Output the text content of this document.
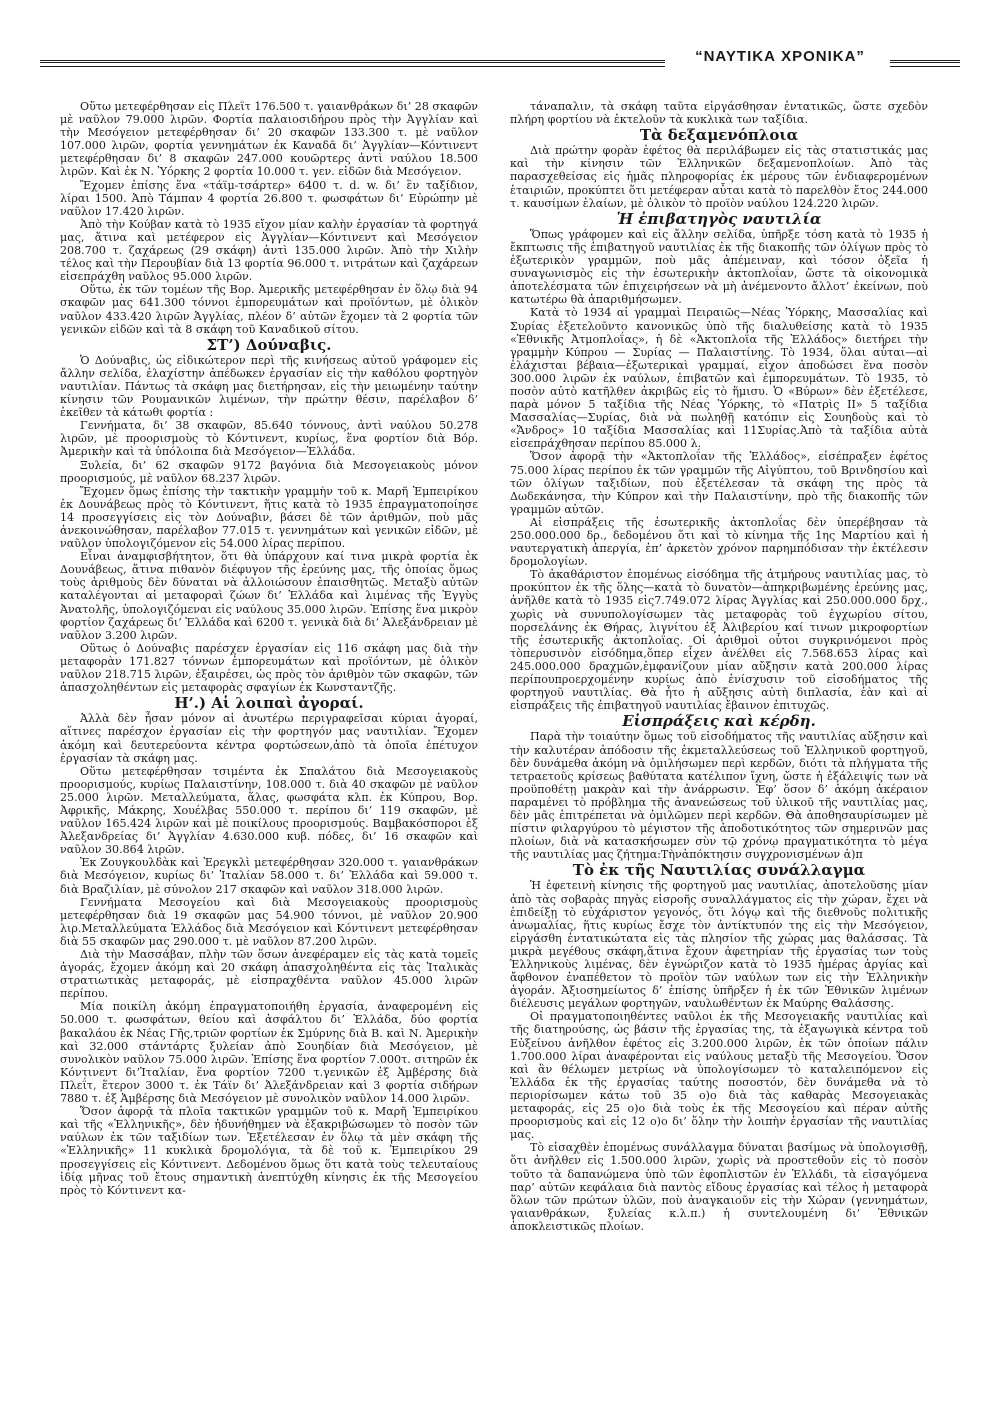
“ΝΑΥΤΙΚΑ ΧΡΟΝΙΚΑ”

Οὕτω μετεφέρθησαν εἰς Πλεΐτ 176.500 τ. γαιανθράκων δι’ 28 σκαφῶν μὲ ναῦλον 79.000 λιρῶν. Φορτία παλαιοσιδήρου πρὸς τὴν Ἀγγλίαν καὶ τὴν Μεσόγειον μετεφέρθησαν δι’ 20 σκαφῶν 133.300 τ. μὲ ναῦλον 107.000 λιρῶν, φορτία γεννημάτων ἐκ Καναδᾶ δι’ Ἀγγλίαν—Κόντινεντ μετεφέρθησαν δι’ 8 σκαφῶν 247.000 κουῶρτερς ἀντὶ ναύλου 18.500 λιρῶν. Καὶ ἐκ Ν. Ὑόρκης 2 φορτία 10.000 τ. γεν. εἰδῶν διὰ Μεσόγειον.

Ἔχομεν ἐπίσης ἕνα «τάϊμ-τσάρτερ» 6400 τ. d. w. δι’ ἓν ταξίδιον, λίραι 1500. Ἀπὸ Τάμπαν 4 φορτία 26.800 τ. φωσφάτων δι’ Εὐρώπην μὲ ναῦλον 17.420 λιρῶν.

Ἀπὸ τὴν Κούβαν κατὰ τὸ 1935 εἴχον μίαν καλὴν ἐργασίαν τὰ φορτηγά μας, ἅτινα καὶ μετέφερον εἰς Ἀγγλίαν—Κόντινεντ καὶ Μεσόγειον 208.700 τ. ζαχάρεως (29 σκάφη) ἀντὶ 135.000 λιρῶν. Ἀπὸ τὴν Χιλὴν τέλος καὶ τὴν Περουβίαν διὰ 13 φορτία 96.000 τ. νιτράτων καὶ ζαχάρεων εἰσεπράχθη ναῦλος 95.000 λιρῶν.

Οὕτω, ἐκ τῶν τομέων τῆς Βορ. Ἀμερικῆς μετεφέρθησαν ἐν ὅλῳ διὰ 94 σκαφῶν μας 641.300 τόννοι ἐμπορευμάτων καὶ προϊόντων, μὲ ὁλικὸν ναῦλον 433.420 λιρῶν Ἀγγλίας, πλέον δ’ αὐτῶν ἔχομεν τὰ 2 φορτία τῶν γενικῶν εἰδῶν καὶ τὰ 8 σκάφη τοῦ Καναδικοῦ σίτου.

ΣΤ’) Δούναβις.

Ὁ Δούναβις, ὡς εἰδικώτερον περὶ τῆς κινήσεως αὐτοῦ γράφομεν εἰς ἄλλην σελίδα, ἐλαχίστην ἀπέδωκεν ἐργασίαν εἰς τὴν καθόλου φορτηγὸν ναυτιλίαν. Πάντως τὰ σκάφη μας διετήρησαν, εἰς τὴν μειωμένην ταύτην κίνησιν τῶν Ρουμανικῶν λιμένων, τὴν πρώτην θέσιν, παρέλαβον δ’ ἐκεῖθεν τὰ κάτωθι φορτία :

Γεννήματα, δι’ 38 σκαφῶν, 85.640 τόννους, ἀντὶ ναύλου 50.278 λιρῶν, μὲ προορισμοὺς τὸ Κόντινεντ, κυρίως, ἕνα φορτίον διὰ Βόρ. Ἀμερικὴν καὶ τὰ ὑπόλοιπα διὰ Μεσόγειον—Ἑλλάδα.

Ξυλεία, δι’ 62 σκαφῶν 9172 βαγόνια διὰ Μεσογειακοὺς μόνον προορισμούς, μὲ ναῦλον 68.237 λιρῶν.

Ἔχομεν ὅμως ἐπίσης τὴν τακτικὴν γραμμὴν τοῦ κ. Μαρῆ Ἐμπειρίκου ἐκ Δουνάβεως πρὸς τὸ Κόντινεντ, ἥτις κατὰ τὸ 1935 ἐπραγματοποίησε 14 προσεγγίσεις εἰς τὸν Δούναβιν, βάσει δὲ τῶν ἀριθμῶν, ποὺ μᾶς ἀνεκοινώθησαν, παρέλαβον 77.015 τ. γεννημάτων καὶ γενικῶν εἰδῶν, μὲ ναῦλον ὑπολογιζόμενον εἰς 54.000 λίρας περίπου.

Εἶναι ἀναμφισβήτητον, ὅτι θὰ ὑπάρχουν καί τινα μικρὰ φορτία ἐκ Δουνάβεως, ἅτινα πιθανὸν διέφυγον τῆς ἐρεύνης μας, τῆς ὁποίας ὅμως τοὺς ἀριθμοὺς δὲν δύναται νὰ ἀλλοιώσουν ἐπαισθητῶς. Μεταξὺ αὐτῶν καταλέγονται αἱ μεταφοραὶ ζώων δι’ Ἑλλάδα καὶ λιμένας τῆς Ἐγγὺς Ἀνατολῆς, ὑπολογιζόμεναι εἰς ναύλους 35.000 λιρῶν. Ἐπίσης ἕνα μικρὸν φορτίον ζαχάρεως δι’ Ἑλλάδα καὶ 6200 τ. γενικὰ διὰ δι’ Ἀλεξάνδρειαν μὲ ναῦλον 3.200 λιρῶν.

Οὕτως ὁ Δούναβις παρέσχεν ἐργασίαν εἰς 116 σκάφη μας διὰ τὴν μεταφορὰν 171.827 τόννων ἐμπορευμάτων καὶ προϊόντων, μὲ ὁλικὸν ναῦλον 218.715 λιρῶν, ἐξαιρέσει, ὡς πρὸς τὸν ἀριθμὸν τῶν σκαφῶν, τῶν ἀπασχοληθέντων εἰς μεταφορὰς σφαγίων ἐκ Κωνσταντζῆς.

Η’.) Αἱ λοιπαὶ ἀγοραί.

Ἀλλὰ δὲν ἦσαν μόνον αἱ ἀνωτέρω περιγραφεῖσαι κύριαι ἀγοραί, αἵτινες παρέσχον ἐργασίαν εἰς τὴν φορτηγόν μας ναυτιλίαν. Ἔχομεν ἀκόμη καὶ δευτερεύοντα κέντρα φορτώσεων,ἀπὸ τὰ ὁποῖα ἐπέτυχον ἐργασίαν τὰ σκάφη μας.

Οὕτω μετεφέρθησαν τσιμέντα ἐκ Σπαλάτου διὰ Μεσογειακοὺς προορισμούς, κυρίως Παλαιστίνην, 108.000 τ. διὰ 40 σκαφῶν μὲ ναῦλον 25.000 λιρῶν. Μεταλλεύματα, ἅλας, φωσφάτα κλπ. ἐκ Κύπρου, Βορ. Ἀφρικῆς, Μάκρης, Χουέλβας 550.000 τ. περίπου δι’ 119 σκαφῶν, μὲ ναῦλον 165.424 λιρῶν καὶ μὲ ποικίλους προορισμούς. Βαμβακόσποροι ἐξ Ἀλεξανδρείας δι’ Ἀγγλίαν 4.630.000 κυβ. πόδες, δι’ 16 σκαφῶν καὶ ναῦλον 30.864 λιρῶν.

Ἐκ Ζουγκουλδὰκ καὶ Ἐρεγκλὶ μετεφέρθησαν 320.000 τ. γαιανθράκων διὰ Μεσόγειον, κυρίως δι’ Ἰταλίαν 58.000 τ. δι’ Ἑλλάδα καὶ 59.000 τ. διὰ Βραζιλίαν, μὲ σύνολον 217 σκαφῶν καὶ ναῦλον 318.000 λιρῶν.

Γεννήματα Μεσογείου καὶ διὰ Μεσογειακοὺς προορισμοὺς μετεφέρθησαν διὰ 19 σκαφῶν μας 54.900 τόννοι, μὲ ναῦλον 20.900 λιρ.Μεταλλεύματα Ἑλλάδος διὰ Μεσόγειον καὶ Κόντινεντ μετεφέρθησαν διὰ 55 σκαφῶν μας 290.000 τ. μὲ ναῦλον 87.200 λιρῶν.

Διὰ τὴν Μασσάβαν, πλὴν τῶν ὅσων ἀνεφέραμεν εἰς τὰς κατὰ τομεῖς ἀγοράς, ἔχομεν ἀκόμη καὶ 20 σκάφη ἀπασχοληθέντα εἰς τὰς Ἰταλικὰς στρατιωτικὰς μεταφοράς, μὲ εἰσπραχθέντα ναῦλον 45.000 λιρῶν περίπου.

Μία ποικίλη ἀκόμη ἐπραγματοποιήθη ἐργασία, ἀναφερομένη εἰς 50.000 τ. φωσφάτων, θείου καὶ ἀσφάλτου δι’ Ἑλλάδα, δύο φορτία βακαλάου ἐκ Νέας Γῆς,τριῶν φορτίων ἐκ Σμύρνης διὰ Β. καὶ Ν. Ἀμερικὴν καὶ 32.000 στάντάρτς ξυλείαν ἀπὸ Σουηδίαν διὰ Μεσόγειον, μὲ συνολικὸν ναῦλον 75.000 λιρῶν. Ἐπίσης ἕνα φορτίον 7.000τ. σιτηρῶν ἐκ Κόντινεντ δι’Ἰταλίαν, ἕνα φορτίον 7200 τ.γενικῶν ἐξ Ἀμβέρσης διὰ Πλεΐτ, ἕτερον 3000 τ. ἐκ Τάϊν δι’ Ἀλεξάνδρειαν καὶ 3 φορτία σιδήρων 7880 τ. ἐξ Ἀμβέρσης διὰ Μεσόγειον μὲ συνολικὸν ναῦλον 14.000 λιρῶν.

Ὅσον ἀφορᾷ τὰ πλοῖα τακτικῶν γραμμῶν τοῦ κ. Μαρῆ Ἐμπειρίκου καὶ τῆς «Ἑλληνικῆς», δὲν ἠδυνήθημεν νὰ ἐξακριβώσωμεν τὸ ποσὸν τῶν ναύλων ἐκ τῶν ταξιδίων των. Ἐξετέλεσαν ἐν ὅλῳ τὰ μὲν σκάφη τῆς «Ἑλληνικῆς» 11 κυκλικὰ δρομολόγια, τὰ δὲ τοῦ κ. Ἐμπειρίκου 29 προσεγγίσεις εἰς Κόντινεντ. Δεδομένου ὅμως ὅτι κατὰ τοὺς τελευταίους ἰδίᾳ μῆνας τοῦ ἔτους σημαντικὴ ἀνεπτύχθη κίνησις ἐκ τῆς Μεσογείου πρὸς τὸ Κόντινεντ κα-

τάναπαλιν, τὰ σκάφη ταῦτα εἰργάσθησαν ἐντατικῶς, ὥστε σχεδὸν πλήρη φορτίου νὰ ἐκτελοῦν τὰ κυκλικὰ των ταξίδια.

Τὰ δεξαμενόπλοια

Διὰ πρώτην φορὰν ἐφέτος θὰ περιλάβωμεν εἰς τὰς στατιστικάς μας καὶ τὴν κίνησιν τῶν Ἑλληνικῶν δεξαμενοπλοίων. Ἀπὸ τὰς παρασχεθείσας εἰς ἡμᾶς πληροφορίας ἐκ μέρους τῶν ἐνδιαφερομένων ἑταιριῶν, προκύπτει ὅτι μετέφεραν αὗται κατὰ τὸ παρελθὸν ἔτος 244.000 τ. καυσίμων ἐλαίων, μὲ ὁλικὸν τὸ προϊὸν ναύλου 124.220 λιρῶν.

Ἡ ἐπιβατηγὸς ναυτιλία

Ὅπως γράφομεν καὶ εἰς ἄλλην σελίδα, ὑπῆρξε τόση κατὰ τὸ 1935 ἡ ἔκπτωσις τῆς ἐπιβατηγοῦ ναυτιλίας ἐκ τῆς διακοπῆς τῶν ὀλίγων πρὸς τὸ ἐξωτερικὸν γραμμῶν, ποὺ μᾶς ἀπέμειναν, καὶ τόσον ὀξεῖα ἡ συναγωνισμὸς εἰς τὴν ἐσωτερικὴν ἀκτοπλοΐαν, ὥστε τὰ οἰκονομικὰ ἀποτελέσματα τῶν ἐπιχειρήσεων νὰ μὴ ἀνέμενοντο ἄλλοτ’ ἐκείνων, ποὺ κατωτέρω θὰ ἀπαριθμήσωμεν.

Κατὰ τὸ 1934 αἱ γραμμαὶ Πειραιῶς—Νέας Ὑόρκης, Μασσαλίας καὶ Συρίας ἐξετελοῦντο κανονικῶς ὑπὸ τῆς διαλυθείσης κατὰ τὸ 1935 «Ἐθνικῆς Ἀτμοπλοΐας», ἡ δὲ «Ἀκτοπλοΐα τῆς Ἑλλάδος» διετήρει τὴν γραμμὴν Κύπρου — Συρίας — Παλαιστίνης. Τὸ 1934, ὅλαι αὗται—αἱ ἐλάχισται βέβαια—ἐξωτερικαὶ γραμμαί, εἶχον ἀποδώσει ἕνα ποσὸν 300.000 λιρῶν ἐκ ναύλων, ἐπιβατῶν καὶ ἐμπορευμάτων. Τὸ 1935, τὸ ποσὸν αὐτὸ κατῆλθεν ἀκριβῶς εἰς τὸ ἥμισυ. Ὁ «Βύρων» δὲν ἐξετέλεσε, παρὰ μόνον 5 ταξίδια τῆς Νέας Ὑόρκης, τὸ «Πατρὶς ΙΙ» 5 ταξίδια Μασσαλίας—Συρίας, διὰ νὰ πωληθῇ κατόπιν εἰς Σουηδοὺς καὶ τὸ «Ἄνδρος» 10 ταξίδια Μασσαλίας καὶ 11Συρίας.Ἀπὸ τὰ ταξίδια αὐτὰ εἰσεπράχθησαν περίπου 85.000 λ.

Ὅσον ἀφορᾷ τὴν «Ἀκτοπλοΐαν τῆς Ἑλλάδος», εἰσέπραξεν ἐφέτος 75.000 λίρας περίπου ἐκ τῶν γραμμῶν τῆς Αἰγύπτου, τοῦ Βρινδησίου καὶ τῶν ὀλίγων ταξιδίων, ποὺ ἐξετέλεσαν τὰ σκάφη της πρὸς τὰ Δωδεκάνησα, τὴν Κύπρον καὶ τὴν Παλαιστίνην, πρὸ τῆς διακοπῆς τῶν γραμμῶν αὐτῶν.

Αἱ εἰσπράξεις τῆς ἐσωτερικῆς ἀκτοπλοΐας δὲν ὑπερέβησαν τὰ 250.000.000 δρ., δεδομένου ὅτι καὶ τὸ κίνημα τῆς 1ης Μαρτίου καὶ ἡ ναυτεργατικὴ ἀπεργία, ἐπ’ ἀρκετὸν χρόνον παρημπόδισαν τὴν ἐκτέλεσιν δρομολογίων.

Τὸ ἀκαθάριστον ἑπομένως εἰσόδημα τῆς ἀτμήρους ναυτιλίας μας, τὸ προκύπτον ἐκ τῆς ὅλης—κατὰ τὸ δυνατὸν—ἀπηκριβωμένης ἐρεύνης μας, ἀνῆλθε κατὰ τὸ 1935 εἰς7.749.072 λίρας Ἀγγλίας καὶ 250.000.000 δρχ., χωρὶς νὰ συνυπολογίσωμεν τὰς μεταφορὰς τοῦ ἐγχωρίου σίτου, πορσελάνης ἐκ Θήρας, λιγνίτου ἐξ Ἀλιβερίου καί τινων μικροφορτίων τῆς ἐσωτερικῆς ἀκτοπλοΐας. Οἱ ἀριθμοὶ οὗτοι συγκρινόμενοι πρὸς τὸπερυσινὸν εἰσόδημα,ὅπερ εἶχεν ἀνέλθει εἰς 7.568.653 λίρας καὶ 245.000.000 δραχμῶν,ἐμφανίζουν μίαν αὔξησιν κατὰ 200.000 λίρας περίπουπροερχομένην κυρίως ἀπὸ ἐνίσχυσιν τοῦ εἰσοδήματος τῆς φορτηγοῦ ναυτιλίας. Θὰ ἦτο ἡ αὔξησις αὐτὴ διπλασία, ἐὰν καὶ αἱ εἰσπράξεις τῆς ἐπιβατηγοῦ ναυτιλίας ἔβαινον ἐπιτυχῶς.

Εἰσπράξεις καὶ κέρδη.

Παρὰ τὴν τοιαύτην ὅμως τοῦ εἰσοδήματος τῆς ναυτιλίας αὔξησιν καὶ τὴν καλυτέραν ἀπόδοσιν τῆς ἐκμεταλλεύσεως τοῦ Ἑλληνικοῦ φορτηγοῦ, δὲν δυνάμεθα ἀκόμη νὰ ὁμιλήσωμεν περὶ κερδῶν, διότι τὰ πλήγματα τῆς τετραετοῦς κρίσεως βαθύτατα κατέλιπον ἴχνη, ὥστε ἡ ἐξάλειψίς των νὰ προϋποθέτῃ μακρὰν καὶ τὴν ἀνάρρωσιν. Ἐφ’ ὅσον δ’ ἀκόμη ἀκέραιον παραμένει τὸ πρόβλημα τῆς ἀνανεώσεως τοῦ ὑλικοῦ τῆς ναυτιλίας μας, δὲν μᾶς ἐπιτρέπεται νὰ ὁμιλῶμεν περὶ κερδῶν. Θὰ ἀποθησαυρίσωμεν μὲ πίστιν φιλαργύρου τὸ μέγιστον τῆς ἀποδοτικότητος τῶν σημερινῶν μας πλοίων, διὰ νὰ κατασκήσωμεν σὺν τῷ χρόνῳ πραγματικότητα τὸ μέγα τῆς ναυτιλίας μας ζήτημα:Τὴνἀπόκτησιν συγχρονισμένων ἀ)π

Τὸ ἐκ τῆς Ναυτιλίας συνάλλαγμα

Ἡ ἐφετεινὴ κίνησις τῆς φορτηγοῦ μας ναυτιλίας, ἀποτελοῦσης μίαν ἀπὸ τὰς σοβαρὰς πηγὰς εἰσροῆς συναλλάγματος εἰς τὴν χώραν, ἔχει νὰ ἐπιδείξῃ τὸ εὐχάριστον γεγονός, ὅτι λόγῳ καὶ τῆς διεθνοῦς πολιτικῆς ἀνωμαλίας, ἥτις κυρίως ἔσχε τὸν ἀντίκτυπόν της εἰς τὴν Μεσόγειον, εἰργάσθη ἐντατικώτατα εἰς τὰς πλησίον τῆς χώρας μας θαλάσσας. Τὰ μικρὰ μεγέθους σκάφη,ἅτινα ἔχουν ἀφετηρίαν τῆς ἐργασίας των τοὺς Ἑλληνικοὺς λιμένας, δὲν ἐγνώριζον κατὰ τὸ 1935 ἡμέρας ἀργίας καὶ ἄφθονον ἐναπέθετον τὸ προϊὸν τῶν ναύλων των εἰς τὴν Ἑλληνικὴν ἀγοράν. Ἀξιοσημείωτος δ’ ἐπίσης ὑπῆρξεν ἡ ἐκ τῶν Ἐθνικῶν λιμένων διέλευσις μεγάλων φορτηγῶν, ναυλωθέντων ἐκ Μαύρης Θαλάσσης.

Οἱ πραγματοποιηθέντες ναῦλοι ἐκ τῆς Μεσογειακῆς ναυτιλίας καὶ τῆς διατηρούσης, ὡς βάσιν τῆς ἐργασίας της, τὰ ἐξαγωγικὰ κέντρα τοῦ Εὐξείνου ἀνῆλθον ἐφέτος εἰς 3.200.000 λιρῶν, ἐκ τῶν ὁποίων πάλιν 1.700.000 λίραι ἀναφέρονται εἰς ναύλους μεταξὺ τῆς Μεσογείου. Ὅσον καὶ ἂν θέλωμεν μετρίως νὰ ὑπολογίσωμεν τὸ καταλειπόμενον εἰς Ἑλλάδα ἐκ τῆς ἐργασίας ταύτης ποσοστόν, δὲν δυνάμεθα νὰ τὸ περιορίσωμεν κάτω τοῦ 35 ο)ο διὰ τὰς καθαρὰς Μεσογειακὰς μεταφοράς, εἰς 25 ο)ο διὰ τοὺς ἐκ τῆς Μεσογείου καὶ πέραν αὐτῆς προορισμοὺς καὶ εἰς 12 ο)ο δι’ ὅλην τὴν λοιπὴν ἐργασίαν τῆς ναυτιλίας μας.

Τὸ εἰσαχθὲν ἑπομένως συνάλλαγμα δύναται βασίμως νὰ ὑπολογισθῇ, ὅτι ἀνῆλθεν εἰς 1.500.000 λιρῶν, χωρὶς νὰ προστεθοῦν εἰς τὸ ποσὸν τοῦτο τὰ δαπανώμενα ὑπὸ τῶν ἐφοπλιστῶν ἐν Ἑλλάδι, τὰ εἰσαγόμενα παρ’ αὐτῶν κεφάλαια διὰ παντὸς εἴδους ἐργασίας καὶ τέλος ἡ μεταφορὰ ὅλων τῶν πρώτων ὑλῶν, ποὺ ἀναγκαιοῦν εἰς τὴν Χώραν (γεννημάτων, γαιανθράκων, ξυλείας κ.λ.π.) ἡ συντελουμένη δι’ Ἐθνικῶν ἀποκλειστικῶς πλοίων.
